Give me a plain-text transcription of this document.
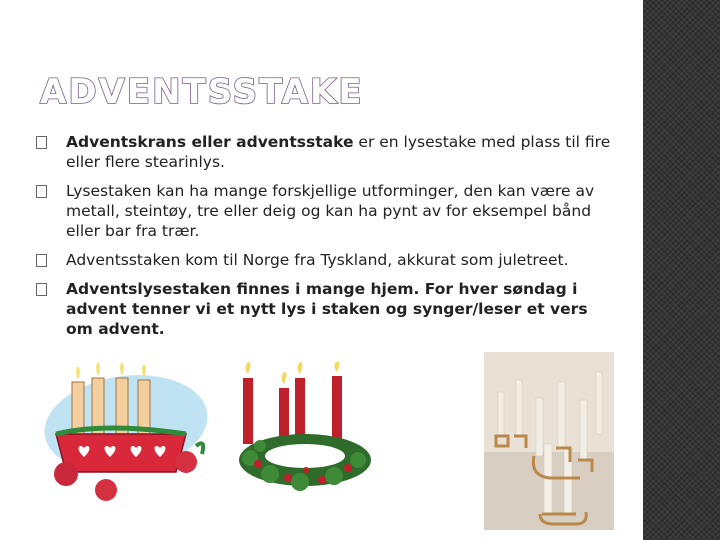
ADVENTSSTAKE
Adventskrans eller adventsstake er en lysestake med plass til fire eller flere stearinlys.
Lysestaken kan ha mange forskjellige utforminger, den kan være av metall, steintøy, tre eller deig og kan ha pynt av for eksempel bånd eller bar fra trær.
Adventsstaken kom til Norge fra Tyskland, akkurat som juletreet.
Adventslysestaken finnes i mange hjem. For hver søndag i advent tenner vi et nytt lys i staken og synger/leser et vers om advent.
